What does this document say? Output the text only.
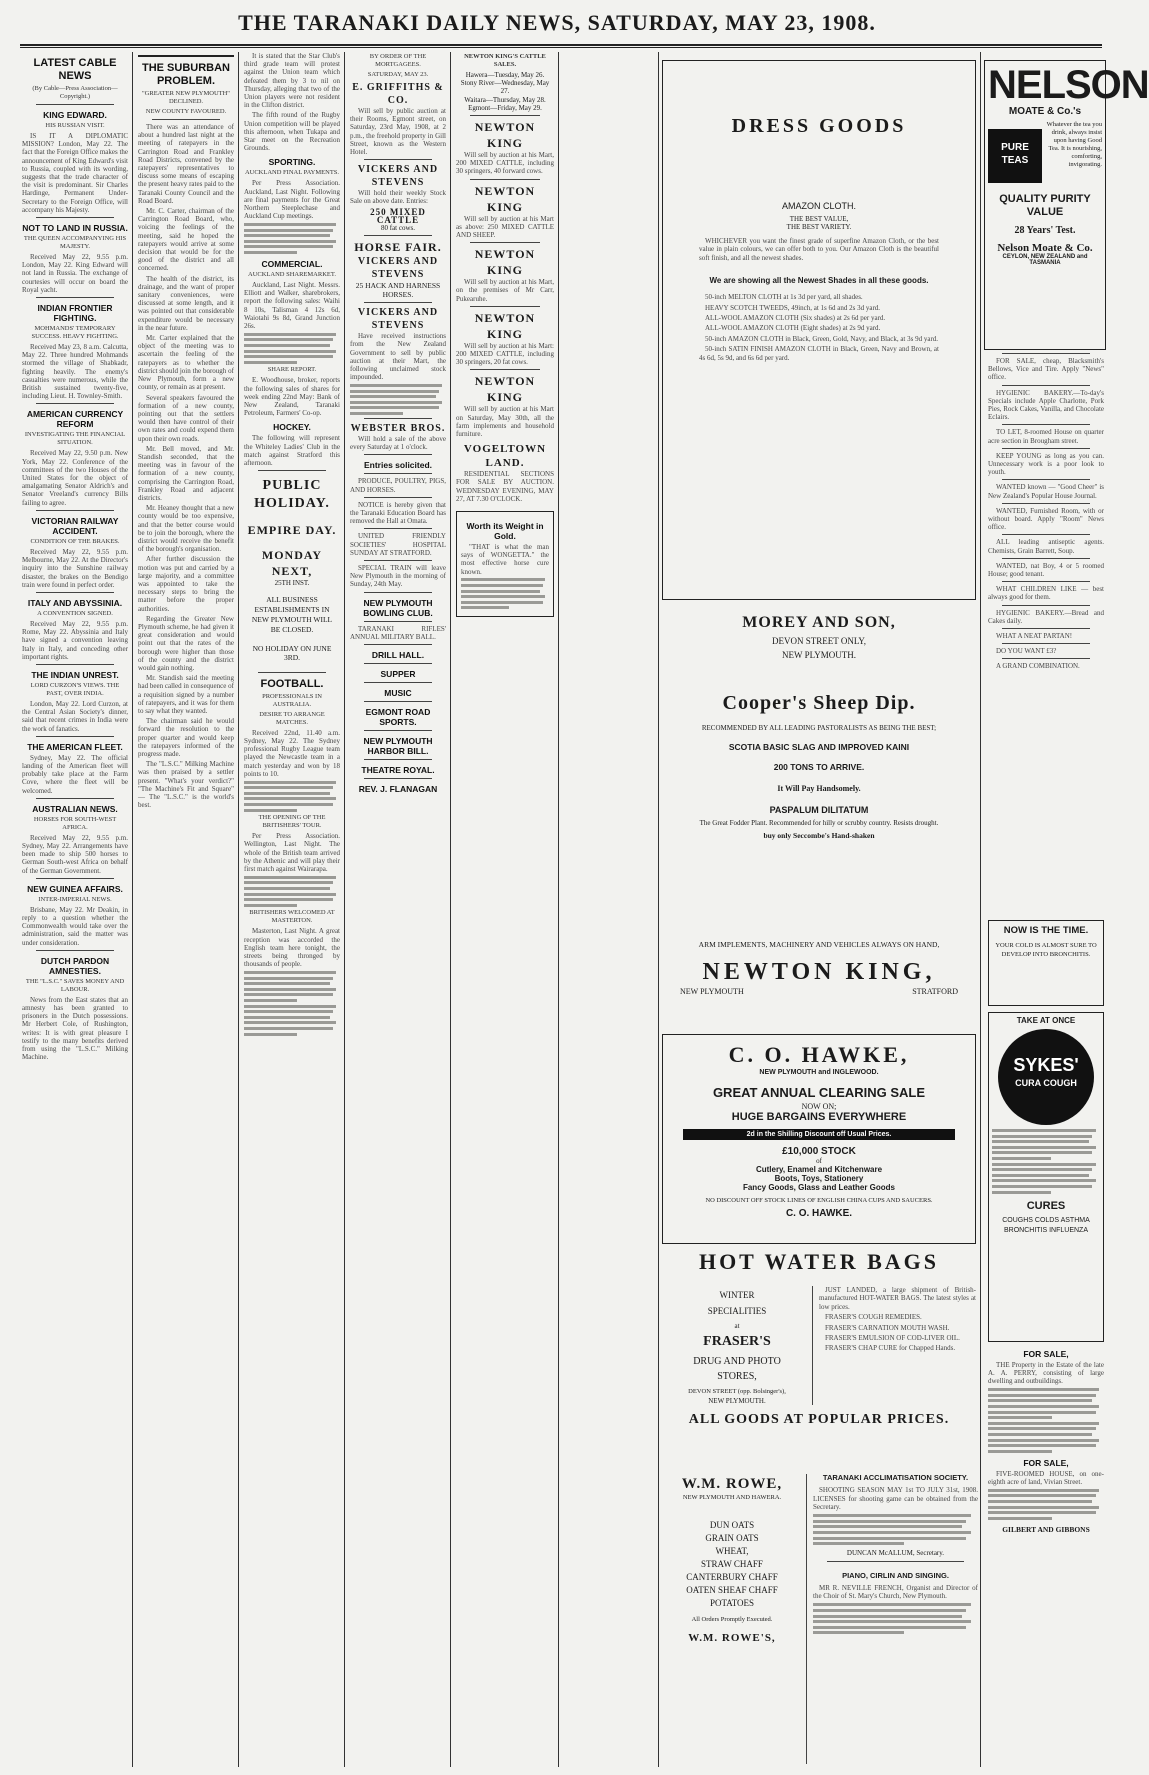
THE TARANAKI DAILY NEWS, SATURDAY, MAY 23, 1908.
LATEST CABLE NEWS
(By Cable—Press Association—Copyright.)
KING EDWARD.
HIS RUSSIAN VISIT.

IS IT A DIPLOMATIC MISSION? London, May 22. The fact that the Foreign Office makes the announcement of King Edward's visit to Russia, coupled with its wording, suggests that the trade character of the visit is predominant. Sir Charles Hardinge, Permanent Under-Secretary to the Foreign Office, will accompany his Majesty.

NOT TO LAND IN RUSSIA.
THE QUEEN ACCOMPANYING HIS MAJESTY.

Received May 22, 9.55 p.m. London, May 22. King Edward will not land in Russia. The exchange of courtesies will occur on board the Royal yacht.

INDIAN FRONTIER FIGHTING.
MOHMANDS' TEMPORARY SUCCESS. HEAVY FIGHTING.

Received May 23, 8 a.m. Calcutta, May 22. Three hundred Mohmands stormed the village of Shabkadr, fighting heavily. The enemy's casualties were numerous, while the British sustained twenty-five, including Lieut. H. Townley-Smith.

AMERICAN CURRENCY REFORM
INVESTIGATING THE FINANCIAL SITUATION.

Received May 22, 9.50 p.m. New York, May 22. Conference of the committees of the two Houses of the United States for the object of amalgamating Senator Aldrich's and Senator Vreeland's currency Bills failing to agree.

VICTORIAN RAILWAY ACCIDENT.
CONDITION OF THE BRAKES.

Received May 22, 9.55 p.m. Melbourne, May 22. At the Director's inquiry into the Sunshine railway disaster, the brakes on the Bendigo train were found in perfect order.

ITALY AND ABYSSINIA.
A CONVENTION SIGNED.

Received May 22, 9.55 p.m. Rome, May 22. Abyssinia and Italy have signed a convention leaving Italy in Italy, and conceding other important rights.

THE INDIAN UNREST.
LORD CURZON'S VIEWS. THE PAST, OVER INDIA.

London, May 22. Lord Curzon, at the Central Asian Society's dinner, said that recent crimes in India were the work of fanatics.

THE AMERICAN FLEET.

Sydney, May 22. The official landing of the American fleet will probably take place at the Farm Cove, where the fleet will be welcomed.

AUSTRALIAN NEWS.
HORSES FOR SOUTH-WEST AFRICA.

Received May 22, 9.55 p.m. Sydney, May 22. Arrangements have been made to ship 500 horses to German South-west Africa on behalf of the German Government.

NEW GUINEA AFFAIRS.
INTER-IMPERIAL NEWS.

Brisbane, May 22. Mr Deakin, in reply to a question whether the Commonwealth would take over the administration, said the matter was under consideration.

DUTCH PARDON AMNESTIES.
THE "L.S.C." SAVES MONEY AND LABOUR.

News from the East states that an amnesty has been granted to prisoners in the Dutch possessions. Mr Herbert Cole, of Rushington, writes: It is with great pleasure I testify to the many benefits derived from using the "L.S.C." Milking Machine.

THE SUBURBAN PROBLEM.
"GREATER NEW PLYMOUTH" DECLINED.
NEW COUNTY FAVOURED.

There was an attendance of about a hundred last night at the meeting of ratepayers in the Carrington Road and Frankley Road Districts, convened by the ratepayers' representatives to discuss some means of escaping the present heavy rates paid to the Taranaki County Council and the Road Board.

Mr. C. Carter, chairman of the Carrington Road Board, who, voicing the feelings of the meeting, said he hoped the ratepayers would arrive at some decision that would be for the good of the district and all concerned.

The health of the district, its drainage, and the want of proper sanitary conveniences, were discussed at some length, and it was pointed out that considerable expenditure would be necessary in the near future.

Mr. Carter explained that the object of the meeting was to ascertain the feeling of the ratepayers as to whether the district should join the borough of New Plymouth, form a new county, or remain as at present.

Several speakers favoured the formation of a new county, pointing out that the settlers would then have control of their own rates and could expend them upon their own roads.

Mr. Bell moved, and Mr. Standish seconded, that the meeting was in favour of the formation of a new county, comprising the Carrington Road, Frankley Road and adjacent districts.

Mr. Heaney thought that a new county would be too expensive, and that the better course would be to join the borough, where the district would receive the benefit of the borough's organisation.

After further discussion the motion was put and carried by a large majority, and a committee was appointed to take the necessary steps to bring the matter before the proper authorities.

Regarding the Greater New Plymouth scheme, he had given it great consideration and would point out that the rates of the borough were higher than those of the county and the district would gain nothing.

Mr. Standish said the meeting had been called in consequence of a requisition signed by a number of ratepayers, and it was for them to say what they wanted.

The chairman said he would forward the resolution to the proper quarter and would keep the ratepayers informed of the progress made.

The "L.S.C." Milking Machine was then praised by a settler present. "What's your verdict?" "The Machine's Fit and Square" — The "L.S.C." is the world's best.

It is stated that the Star Club's third grade team will protest against the Union team which defeated them by 3 to nil on Thursday, alleging that two of the Union players were not resident in the Clifton district.

The fifth round of the Rugby Union competition will be played this afternoon, when Tukapa and Star meet on the Recreation Grounds.

SPORTING.
AUCKLAND FINAL PAYMENTS.

Per Press Association. Auckland, Last Night. Following are final payments for the Great Northern Steeplechase and Auckland Cup meetings.

COMMERCIAL.
AUCKLAND SHAREMARKET.

Auckland, Last Night. Messrs. Elliott and Walker, sharebrokers, report the following sales: Waihi 8 10s, Talisman 4 12s 6d, Waiotahi 9s 8d, Grand Junction 26s.

SHARE REPORT.

E. Woodhouse, broker, reports the following sales of shares for week ending 22nd May: Bank of New Zealand, Taranaki Petroleum, Farmers' Co-op.

HOCKEY.

The following will represent the Whiteley Ladies' Club in the match against Stratford this afternoon.

PUBLIC HOLIDAY.
EMPIRE DAY.
MONDAY NEXT,
25TH INST.
ALL BUSINESS ESTABLISHMENTS IN NEW PLYMOUTH WILL BE CLOSED.
NO HOLIDAY ON JUNE 3RD.
FOOTBALL.
PROFESSIONALS IN AUSTRALIA.
DESIRE TO ARRANGE MATCHES.

Received 22nd, 11.40 a.m. Sydney, May 22. The Sydney professional Rugby League team played the Newcastle team in a match yesterday and won by 18 points to 10.

THE OPENING OF THE BRITISHERS' TOUR.

Per Press Association. Wellington, Last Night. The whole of the British team arrived by the Athenic and will play their first match against Wairarapa.

BRITISHERS WELCOMED AT MASTERTON.

Masterton, Last Night. A great reception was accorded the English team here tonight, the streets being thronged by thousands of people.

BY ORDER OF THE MORTGAGEES.
SATURDAY, MAY 23.
E. GRIFFITHS & CO.

Will sell by public auction at their Rooms, Egmont street, on Saturday, 23rd May, 1908, at 2 p.m., the freehold property in Gill Street, known as the Western Hotel.

VICKERS AND STEVENS

Will hold their weekly Stock Sale on above date. Entries:

250 MIXED CATTLE
80 fat cows.
HORSE FAIR.
VICKERS AND STEVENS
25 HACK AND HARNESS HORSES.
VICKERS AND STEVENS

Have received instructions from the New Zealand Government to sell by public auction at their Mart, the following unclaimed stock impounded.

WEBSTER BROS.

Will hold a sale of the above every Saturday at 1 o'clock.

Entries solicited.

PRODUCE, POULTRY, PIGS, AND HORSES.

NOTICE is hereby given that the Taranaki Education Board has removed the Hall at Omata.

UNITED FRIENDLY SOCIETIES' HOSPITAL SUNDAY AT STRATFORD.

SPECIAL TRAIN will leave New Plymouth in the morning of Sunday, 24th May.

NEW PLYMOUTH BOWLING CLUB.

TARANAKI RIFLES' ANNUAL MILITARY BALL.

DRILL HALL.
SUPPER
MUSIC
EGMONT ROAD SPORTS.
NEW PLYMOUTH HARBOR BILL.
THEATRE ROYAL.
REV. J. FLANAGAN
NEWTON KING'S CATTLE SALES.
Hawera—Tuesday, May 26.
Stony River—Wednesday, May 27.
Waitara—Thursday, May 28.
Egmont—Friday, May 29.
NEWTON KING

Will sell by auction at his Mart, 200 MIXED CATTLE, including 30 springers, 40 forward cows.

NEWTON KING

Will sell by auction at his Mart as above: 250 MIXED CATTLE AND SHEEP.

NEWTON KING

Will sell by auction at his Mart, on the premises of Mr Carr, Pukearuhe.

NEWTON KING

Will sell by auction at his Mart: 200 MIXED CATTLE, including 30 springers, 20 fat cows.

NEWTON KING

Will sell by auction at his Mart on Saturday, May 30th, all the farm implements and household furniture.

VOGELTOWN LAND.

RESIDENTIAL SECTIONS FOR SALE BY AUCTION. WEDNESDAY EVENING, MAY 27, AT 7.30 O'CLOCK.

Worth its Weight in Gold.

"THAT is what the man says of WONGETTA." the most effective horse cure known.

DRESS GOODS
AMAZON CLOTH.
THE BEST VALUE,
THE BEST VARIETY.

WHICHEVER you want the finest grade of superfine Amazon Cloth, or the best value in plain colours, we can offer both to you. Our Amazon Cloth is the beautiful soft finish, and all the newest shades.

We are showing all the Newest Shades in all these goods.

50-inch MELTON CLOTH at 1s 3d per yard, all shades.

HEAVY SCOTCH TWEEDS, 49inch, at 1s 6d and 2s 3d yard.

ALL-WOOL AMAZON CLOTH (Six shades) at 2s 6d per yard.

ALL-WOOL AMAZON CLOTH (Eight shades) at 2s 9d yard.

50-inch AMAZON CLOTH in Black, Green, Gold, Navy, and Black, at 3s 9d yard.

50-inch SATIN FINISH AMAZON CLOTH in Black, Green, Navy and Brown, at 4s 6d, 5s 9d, and 6s 6d per yard.

MOREY AND SON,
DEVON STREET ONLY,
NEW PLYMOUTH.
Cooper's Sheep Dip.
RECOMMENDED BY ALL LEADING PASTORALISTS AS BEING THE BEST;
SCOTIA BASIC SLAG AND IMPROVED KAINI
200 TONS TO ARRIVE.
It Will Pay Handsomely.
PASPALUM DILITATUM
The Great Fodder Plant. Recommended for hilly or scrubby country. Resists drought.
buy only Seccombe's Hand-shaken
ARM IMPLEMENTS, MACHINERY AND VEHICLES ALWAYS ON HAND,
NEWTON KING,
NEW PLYMOUTH	STRATFORD
C. O. HAWKE,
NEW PLYMOUTH and INGLEWOOD.
GREAT ANNUAL CLEARING SALE
NOW ON;
HUGE BARGAINS EVERYWHERE
2d in the Shilling Discount off Usual Prices.
£10,000 STOCK
of
Cutlery, Enamel and Kitchenware
Boots, Toys, Stationery
Fancy Goods, Glass and Leather Goods
NO DISCOUNT OFF STOCK LINES OF ENGLISH CHINA CUPS AND SAUCERS.
C. O. HAWKE.
HOT WATER BAGS
WINTER
SPECIALITIES
at
FRASER'S
DRUG AND PHOTO
STORES,
DEVON STREET (opp. Bolsinger's),
NEW PLYMOUTH.

JUST LANDED, a large shipment of British-manufactured HOT-WATER BAGS. The latest styles at low prices.

FRASER'S COUGH REMEDIES.

FRASER'S CARNATION MOUTH WASH.

FRASER'S EMULSION OF COD-LIVER OIL.

FRASER'S CHAP CURE for Chapped Hands.

ALL GOODS AT POPULAR PRICES.
W.M. ROWE,
NEW PLYMOUTH AND HAWERA.
DUN OATS
GRAIN OATS
WHEAT,
STRAW CHAFF
CANTERBURY CHAFF
OATEN SHEAF CHAFF
POTATOES
All Orders Promptly Executed.
W.M. ROWE'S,
TARANAKI ACCLIMATISATION SOCIETY.

SHOOTING SEASON MAY 1st TO JULY 31st, 1908. LICENSES for shooting game can be obtained from the Secretary.

DUNCAN McALLUM, Secretary.
PIANO, CIRLIN AND SINGING.

MR R. NEVILLE FRENCH, Organist and Director of the Choir of St. Mary's Church, New Plymouth.

NELSON
MOATE & Co.'s
PURE TEAS
Whatever the tea you drink, always insist upon having Good Tea. It is nourishing, comforting, invigorating.
QUALITY PURITY VALUE
28 Years' Test.
Nelson Moate & Co.
CEYLON, NEW ZEALAND and TASMANIA

FOR SALE, cheap, Blacksmith's Bellows, Vice and Tire. Apply "News" office.

HYGIENIC BAKERY.—To-day's Specials include Apple Charlotte, Pork Pies, Rock Cakes, Vanilla, and Chocolate Eclairs.

TO LET, 8-roomed House on quarter acre section in Brougham street.

KEEP YOUNG as long as you can. Unnecessary work is a poor look to youth.

WANTED known — "Good Cheer" is New Zealand's Popular House Journal.

WANTED, Furnished Room, with or without board. Apply "Room" News office.

ALL leading antiseptic agents. Chemists, Grain Barrett, Soup.

WANTED, nat Boy, 4 or 5 roomed House; good tenant.

WHAT CHILDREN LIKE — best always good for them.

HYGIENIC BAKERY.—Bread and Cakes daily.

WHAT A NEAT PARTAN!

DO YOU WANT £3?

A GRAND COMBINATION.

NOW IS THE TIME.
YOUR COLD IS ALMOST SURE TO DEVELOP INTO BRONCHITIS.
TAKE AT ONCE
SYKES'
CURA COUGH

CURES
COUGHS COLDS ASTHMA BRONCHITIS INFLUENZA
FOR SALE,

THE Property in the Estate of the late A. A. PERRY, consisting of large dwelling and outbuildings.

FOR SALE,

FIVE-ROOMED HOUSE, on one-eighth acre of land, Vivian Street.

GILBERT AND GIBBONS
